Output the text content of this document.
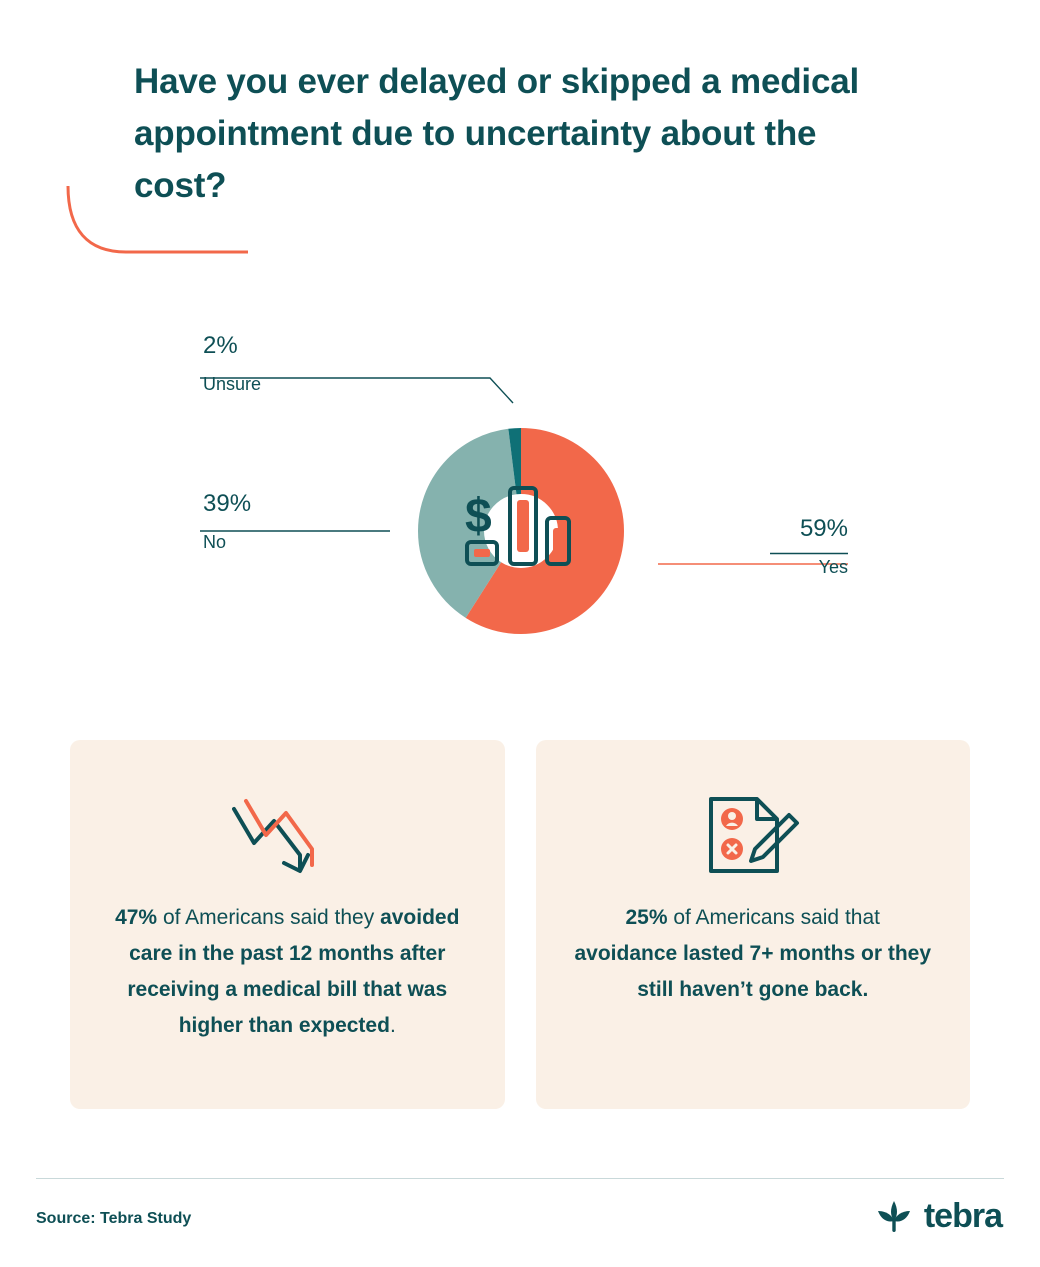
Have you ever delayed or skipped a medical appointment due to uncertainty about the cost?
$
2%
Unsure
39%
No	59%
Yes
47% of Americans said they avoided care in the past 12 months after receiving a medical bill that was higher than expected.
25% of Americans said that avoidance lasted 7+ months or they still haven’t gone back.
Source: Tebra Study	tebra
